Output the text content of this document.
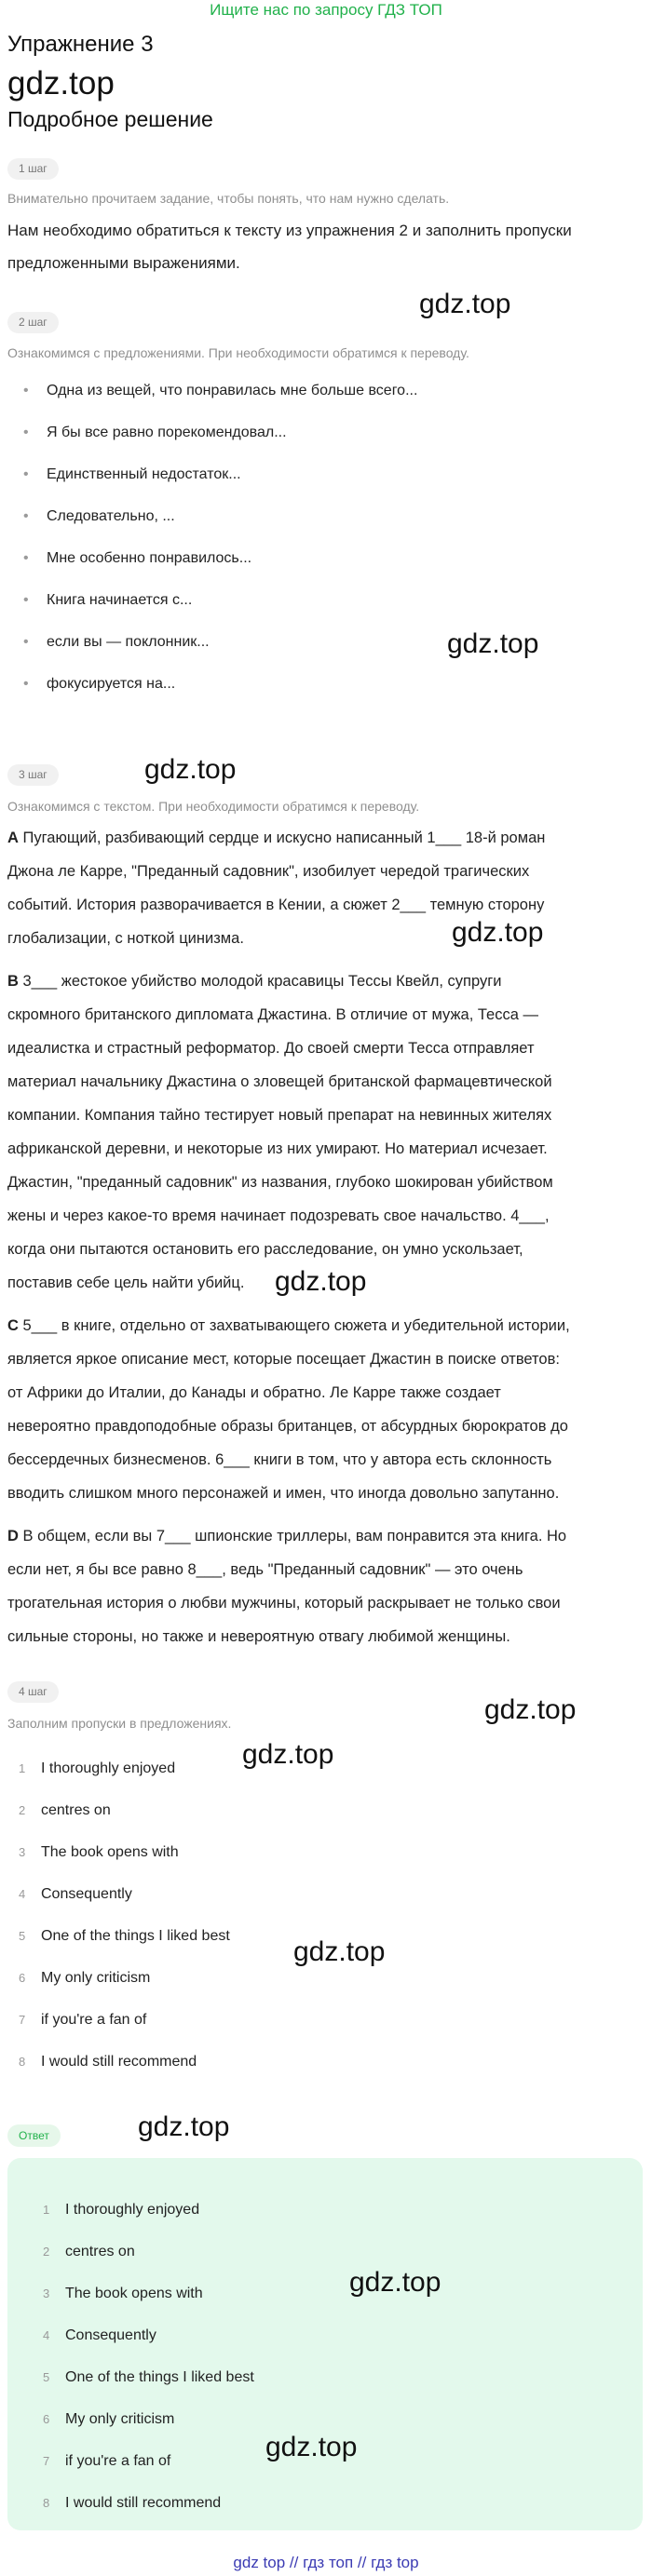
Ищите нас по запросу ГДЗ ТОП
Упражнение 3
gdz.top
Подробное решение
1 шаг
Внимательно прочитаем задание, чтобы понять, что нам нужно сделать.
Нам необходимо обратиться к тексту из упражнения 2 и заполнить пропуски
предложенными выражениями.
2 шаг
Ознакомимся с предложениями. При необходимости обратимся к переводу.
• Одна из вещей, что понравилась мне больше всего...
• Я бы все равно порекомендовал...
• Единственный недостаток...
• Следовательно, ...
• Мне особенно понравилось...
• Книга начинается с...
• если вы — поклонник...
• фокусируется на...
3 шаг
Ознакомимся с текстом. При необходимости обратимся к переводу.
A Пугающий, разбивающий сердце и искусно написанный 1___ 18-й роман
Джона ле Карре, "Преданный садовник", изобилует чередой трагических
событий. История разворачивается в Кении, а сюжет 2___ темную сторону
глобализации, с ноткой цинизма.
B 3___ жестокое убийство молодой красавицы Тессы Квейл, супруги
скромного британского дипломата Джастина. В отличие от мужа, Тесса —
идеалистка и страстный реформатор. До своей смерти Тесса отправляет
материал начальнику Джастина о зловещей британской фармацевтической
компании. Компания тайно тестирует новый препарат на невинных жителях
африканской деревни, и некоторые из них умирают. Но материал исчезает.
Джастин, "преданный садовник" из названия, глубоко шокирован убийством
жены и через какое-то время начинает подозревать свое начальство. 4___,
когда они пытаются остановить его расследование, он умно ускользает,
поставив себе цель найти убийц.
C 5___ в книге, отдельно от захватывающего сюжета и убедительной истории,
является яркое описание мест, которые посещает Джастин в поиске ответов:
от Африки до Италии, до Канады и обратно. Ле Карре также создает
невероятно правдоподобные образы британцев, от абсурдных бюрократов до
бессердечных бизнесменов. 6___ книги в том, что у автора есть склонность
вводить слишком много персонажей и имен, что иногда довольно запутанно.
D В общем, если вы 7___ шпионские триллеры, вам понравится эта книга. Но
если нет, я бы все равно 8___, ведь "Преданный садовник" — это очень
трогательная история о любви мужчины, который раскрывает не только свои
сильные стороны, но также и невероятную отвагу любимой женщины.
4 шаг
Заполним пропуски в предложениях.
1 I thoroughly enjoyed
2 centres on
3 The book opens with
4 Consequently
5 One of the things I liked best
6 My only criticism
7 if you're a fan of
8 I would still recommend
Ответ
1 I thoroughly enjoyed
2 centres on
3 The book opens with
4 Consequently
5 One of the things I liked best
6 My only criticism
7 if you're a fan of
8 I would still recommend
gdz.top
gdz.top
gdz.top
gdz.top
gdz.top
gdz.top
gdz.top
gdz.top
gdz.top
gdz.top
gdz.top
gdz top // гдз топ // гдз top
